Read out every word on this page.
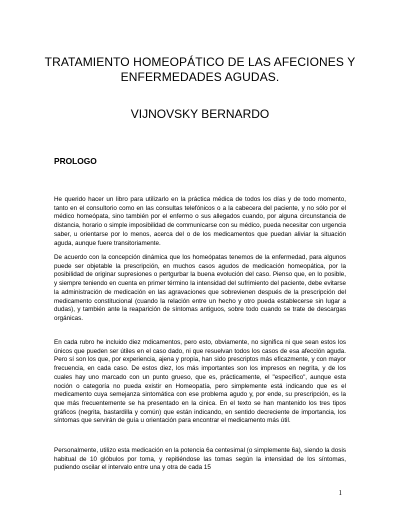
TRATAMIENTO HOMEOPÁTICO DE LAS AFECIONES Y ENFERMEDADES AGUDAS.
VIJNOVSKY BERNARDO
PROLOGO

He querido hacer un libro para utilizarlo en la práctica médica de todos los días y de todo momento, tanto en el consultorio como en las consultas telefónicos o a la cabecera del paciente, y no sólo por el médico homeópata, sino también por el enfermo o sus allegados cuando, por alguna circunstancia de distancia, horario o simple imposibilidad de communicarse con su médico, pueda necesitar con urgencia saber, u orientarse por lo menos, acerca del o de los medicamentos que puedan aliviar la situación aguda, aunque fuere transitoriamente.

De acuerdo con la concepción dinámica que los homeópatas tenemos de la enfermedad, para algunos puede ser objetable la prescripción, en muchos casos agudos de medicación homeopática, por la posibilidad de originar supresiones o pertgurbar la buena evolución del caso. Pienso que, en lo posible, y siempre teniendo en cuenta en primer término la intensidad del sufrimiento del paciente, debe evitarse la administración de medicación en las agravaciones que sobrevienen después de la prescripción del medicamento constitucional (cuando la relación entre un hecho y otro pueda establecerse sin lugar a dudas), y también ante la reaparición de síntomas antiguos, sobre todo cuando se trate de descargas orgánicas.

En cada rubro he incluido diez mdicamentos, pero esto, obviamente, no significa ni que sean estos los únicos que pueden ser útiles en el caso dado, ni que resuelvan todos los casos de esa afección aguda. Pero sí son los que, por experiencia, ajena y propia, han sido prescriptos más eficazmente, y con mayor frecuencia, en cada caso. De estos diez, los más importantes son los impresos en negrita, y de los cuales hay uno marcado con un punto grueso, que es, prácticamente, el "específico", aunque esta noción o categoría no pueda existir en Homeopatía, pero simplemente está indicando que es el medicamento cuya semejanza sintomática con ese problema agudo y, por ende, su prescripción, es la que más frecuentemente se ha presentado en la cinica. En el texto se han mantenido los tres tipos gráficos (negrita, bastardilla y común) que están indicando, en sentido decreciente de importancia, los síntomas que servirán de guía u orientación para encontrar el medicamento más útil.

Personalmente, utilizo esta medicación en la potencia 6a centesimal (o simplemente 6a), siendo la dosis habitual de 10 glóbulos por toma, y repitiéndose las tomas según la intensidad de los síntomas, pudiendo oscilar el intervalo entre una y otra de cada 15

1
